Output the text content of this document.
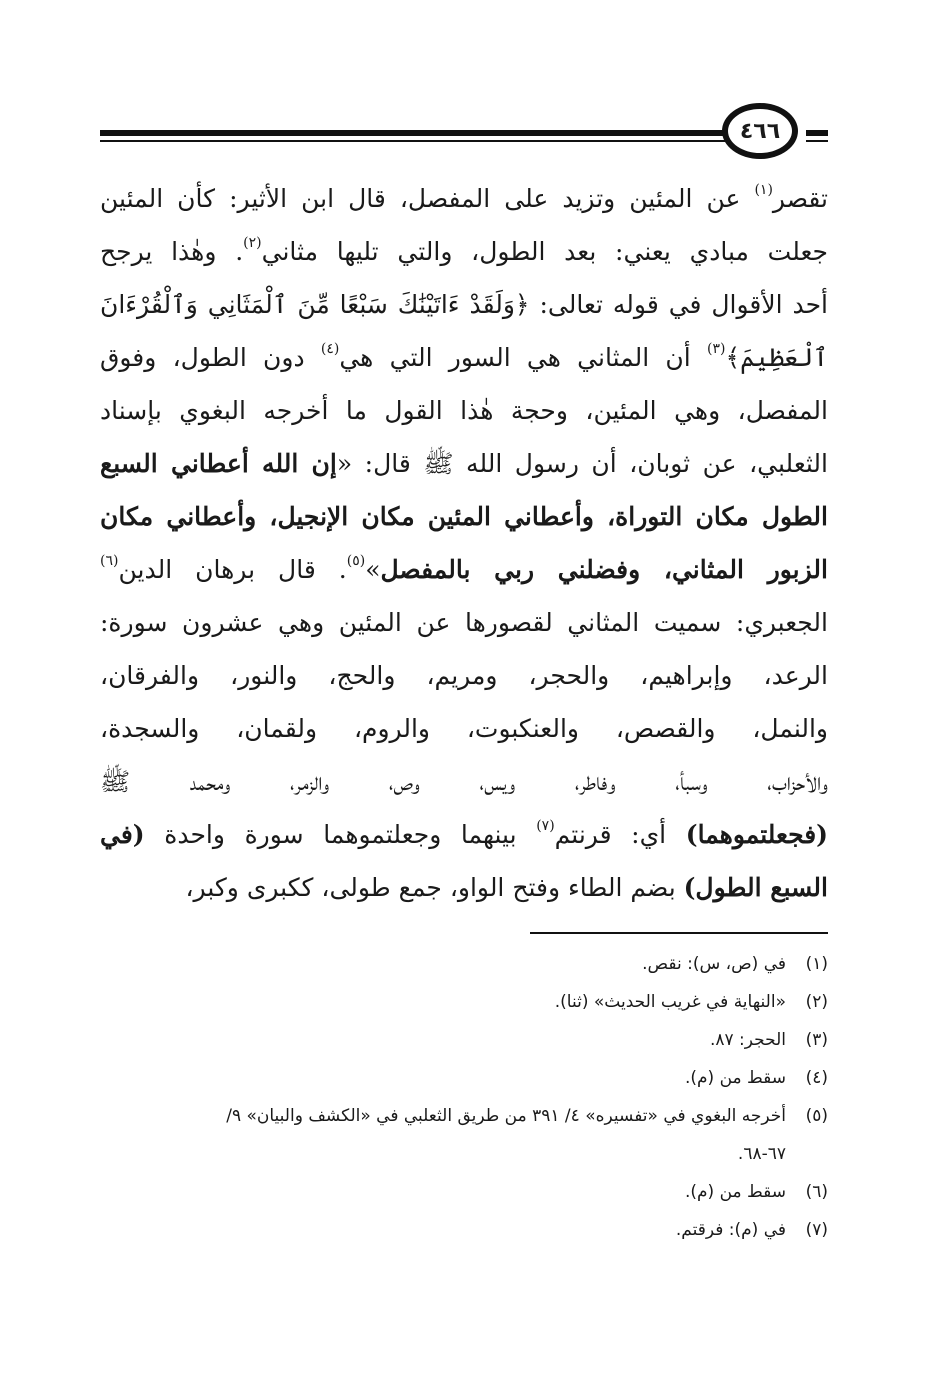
٤٦٦
تقصر$^{(١)}$ عن المئين وتزيد على المفصل، قال ابن الأثير: كأن المئين
جعلت مبادي يعني: بعد الطول، والتي تليها مثاني$^{(٢)}$. وهٰذا يرجح
أحد الأقوال في قوله تعالى: ﴿وَلَقَدْ ءَاتَيْنَٰكَ سَبْعًا مِّنَ ٱلْمَثَانِي وَٱلْقُرْءَانَ
ٱلْعَظِيمَ﴾$^{(٣)}$ أن المثاني هي السور التي هي$^{(٤)}$ دون الطول، وفوق
المفصل، وهي المئين، وحجة هٰذا القول ما أخرجه البغوي بإسناد
الثعلبي، عن ثوبان، أن رسول الله ﷺ قال: «إن الله أعطاني السبع
الطول مكان التوراة، وأعطاني المئين مكان الإنجيل، وأعطاني مكان
الزبور المثاني، وفضلني ربي بالمفصل»$^{(٥)}$. قال برهان الدين$^{(٦)}$
الجعبري: سميت المثاني لقصورها عن المئين وهي عشرون سورة:
الرعد، وإبراهيم، والحجر، ومريم، والحج، والنور، والفرقان،
والنمل، والقصص، والعنكبوت، والروم، ولقمان، والسجدة،
والأحزاب، وسبأ، وفاطر، ويس، وص، والزمر، ومحمد ﷺ
(فجعلتموهما) أي: قرنتم$^{(٧)}$ بينهما وجعلتموهما سورة واحدة (في
السبع الطول) بضم الطاء وفتح الواو، جمع طولى، ككبرى وكبر،
(١)في (ص، س): نقص.
(٢)«النهاية في غريب الحديث» (ثنا).
(٣)الحجر: ٨٧.
(٤)سقط من (م).
(٥)أخرجه البغوي في «تفسيره» ٤/ ٣٩١ من طريق الثعلبي في «الكشف والبيان» ٩/
٦٧-٦٨.
(٦)سقط من (م).
(٧)في (م): فرقتم.
